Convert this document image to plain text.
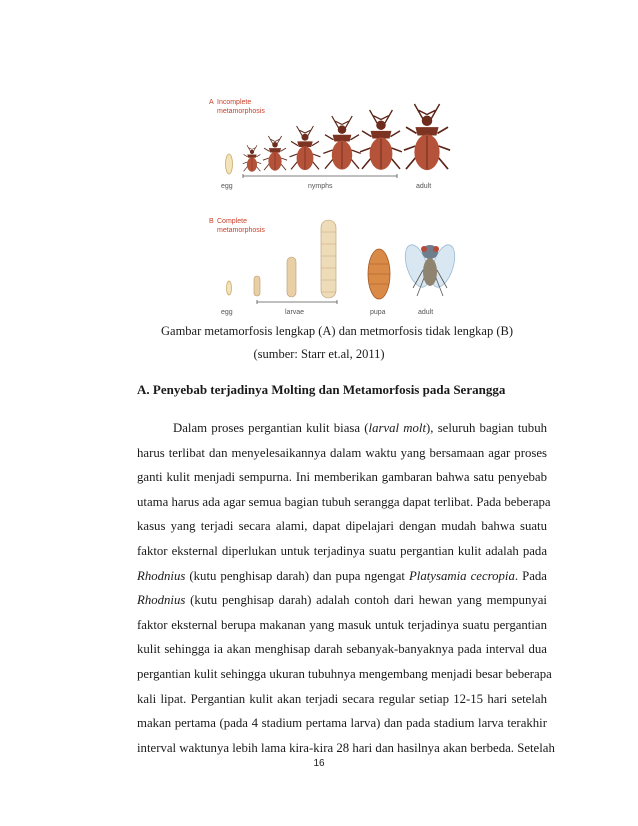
A Incomplete
metamorphosis
egg	nymphs	adult
B Complete
metamorphosis
egg	larvae	pupa	adult
Gambar metamorfosis lengkap (A) dan metmorfosis tidak lengkap (B)
(sumber: Starr et.al, 2011)
A. Penyebab terjadinya Molting dan Metamorfosis pada Serangga
Dalam proses pergantian kulit biasa (larval molt), seluruh bagian tubuh
harus terlibat dan menyelesaikannya dalam waktu yang bersamaan agar proses
ganti kulit menjadi sempurna. Ini memberikan gambaran bahwa satu penyebab
utama harus ada agar semua bagian tubuh serangga dapat terlibat. Pada beberapa
kasus yang terjadi secara alami, dapat dipelajari dengan mudah bahwa suatu
faktor eksternal diperlukan untuk terjadinya suatu pergantian kulit adalah pada
Rhodnius (kutu penghisap darah) dan pupa ngengat Platysamia cecropia. Pada
Rhodnius (kutu penghisap darah) adalah contoh dari hewan yang mempunyai
faktor eksternal berupa makanan yang masuk untuk terjadinya suatu pergantian
kulit sehingga ia akan menghisap darah sebanyak-banyaknya pada interval dua
pergantian kulit sehingga ukuran tubuhnya mengembang menjadi besar beberapa
kali lipat. Pergantian kulit akan terjadi secara regular setiap 12-15 hari setelah
makan pertama (pada 4 stadium pertama larva) dan pada stadium larva terakhir
interval waktunya lebih lama kira-kira 28 hari dan hasilnya akan berbeda. Setelah
16
